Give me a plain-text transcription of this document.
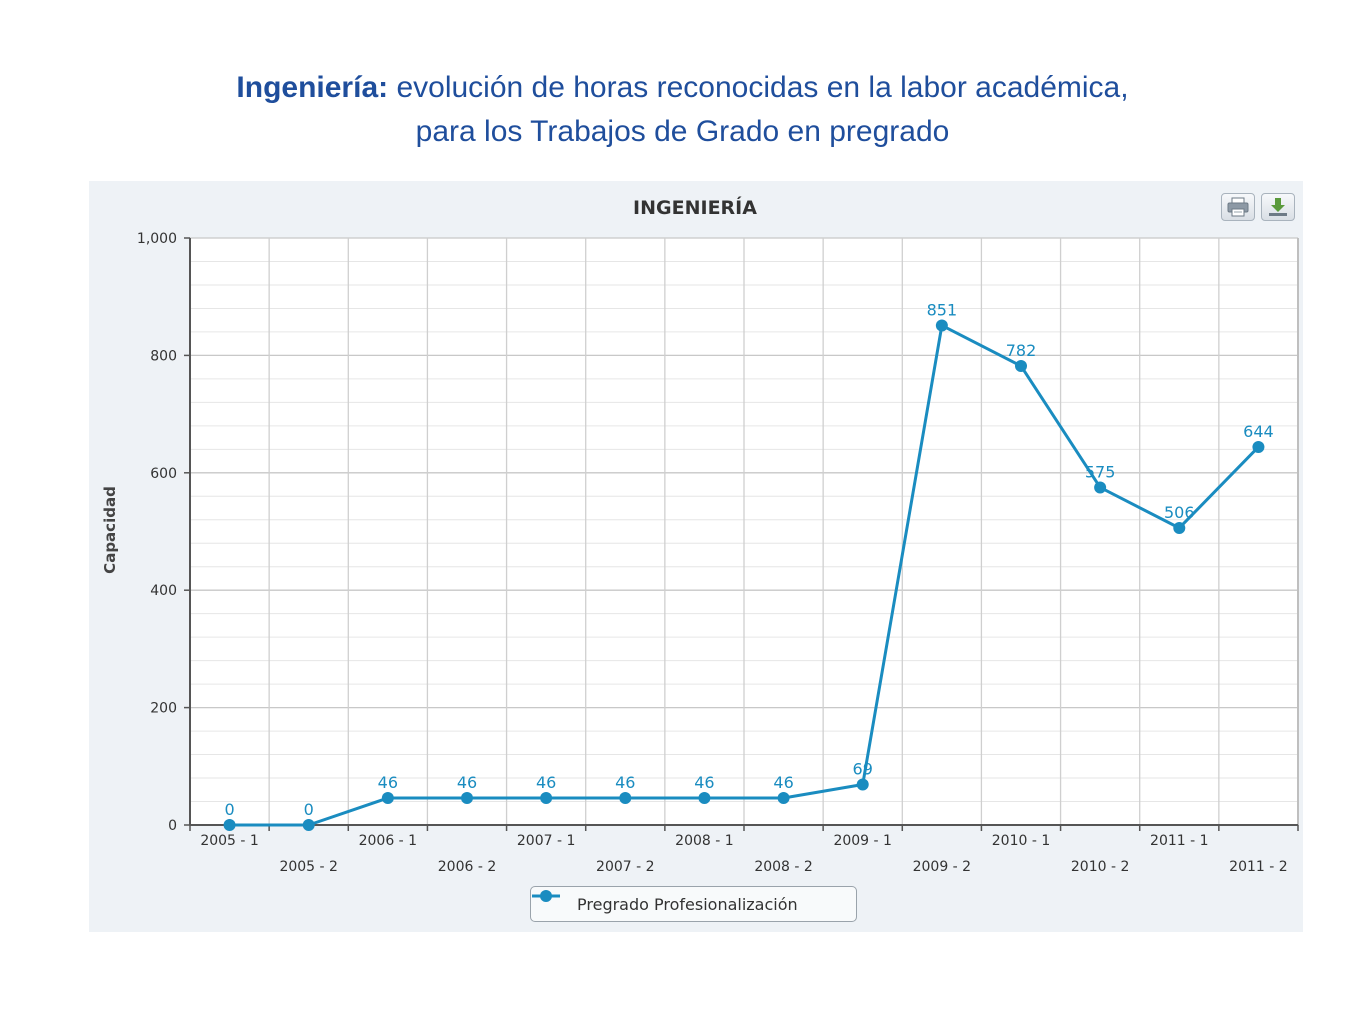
Ingeniería: evolución de horas reconocidas en la labor académica,
para los Trabajos de Grado en pregrado
0
200
400
600
800
1,000
2005 - 1
2005 - 2
2006 - 1
2006 - 2
2007 - 1
2007 - 2
2008 - 1
2008 - 2
2009 - 1
2009 - 2
2010 - 1
2010 - 2
2011 - 1
2011 - 2
0	0
46	46	46	46	46	46
69
851
782
575
506
644
INGENIERÍA
Capacidad
Pregrado Profesionalización
